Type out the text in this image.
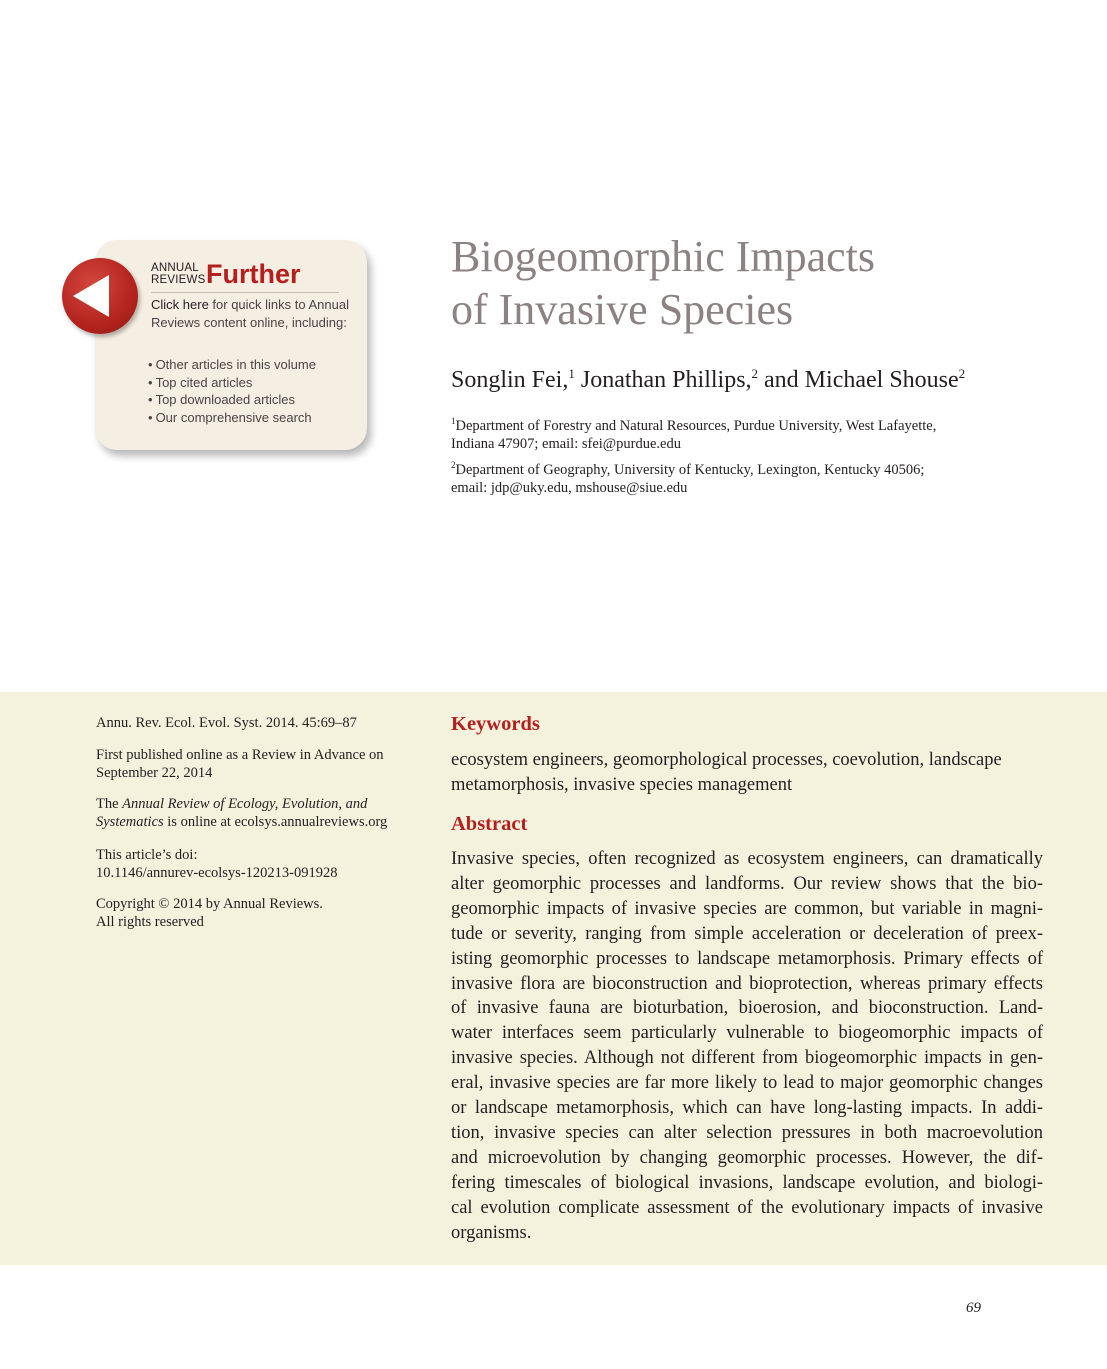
ANNUAL
REVIEWS Further
Click here for quick links to Annual Reviews content online, including:
• Other articles in this volume
• Top cited articles
• Top downloaded articles
• Our comprehensive search
Biogeomorphic Impacts
of Invasive Species
Songlin Fei,$^1$ Jonathan Phillips,$^2$ and Michael Shouse$^2$
$^1$Department of Forestry and Natural Resources, Purdue University, West Lafayette,
Indiana 47907; email: sfei@purdue.edu
$^2$Department of Geography, University of Kentucky, Lexington, Kentucky 40506;
email: jdp@uky.edu, mshouse@siue.edu
Annu. Rev. Ecol. Evol. Syst. 2014. 45:69–87
First published online as a Review in Advance on
September 22, 2014
The Annual Review of Ecology, Evolution, and
Systematics is online at ecolsys.annualreviews.org
This article’s doi:
10.1146/annurev-ecolsys-120213-091928
Copyright © 2014 by Annual Reviews.
All rights reserved
Keywords
ecosystem engineers, geomorphological processes, coevolution, landscape
metamorphosis, invasive species management
Abstract
Invasive species, often recognized as ecosystem engineers, can dramatically
alter geomorphic processes and landforms. Our review shows that the bio-
geomorphic impacts of invasive species are common, but variable in magni-
tude or severity, ranging from simple acceleration or deceleration of preex-
isting geomorphic processes to landscape metamorphosis. Primary effects of
invasive flora are bioconstruction and bioprotection, whereas primary effects
of invasive fauna are bioturbation, bioerosion, and bioconstruction. Land-
water interfaces seem particularly vulnerable to biogeomorphic impacts of
invasive species. Although not different from biogeomorphic impacts in gen-
eral, invasive species are far more likely to lead to major geomorphic changes
or landscape metamorphosis, which can have long-lasting impacts. In addi-
tion, invasive species can alter selection pressures in both macroevolution
and microevolution by changing geomorphic processes. However, the dif-
fering timescales of biological invasions, landscape evolution, and biologi-
cal evolution complicate assessment of the evolutionary impacts of invasive
organisms.
69
